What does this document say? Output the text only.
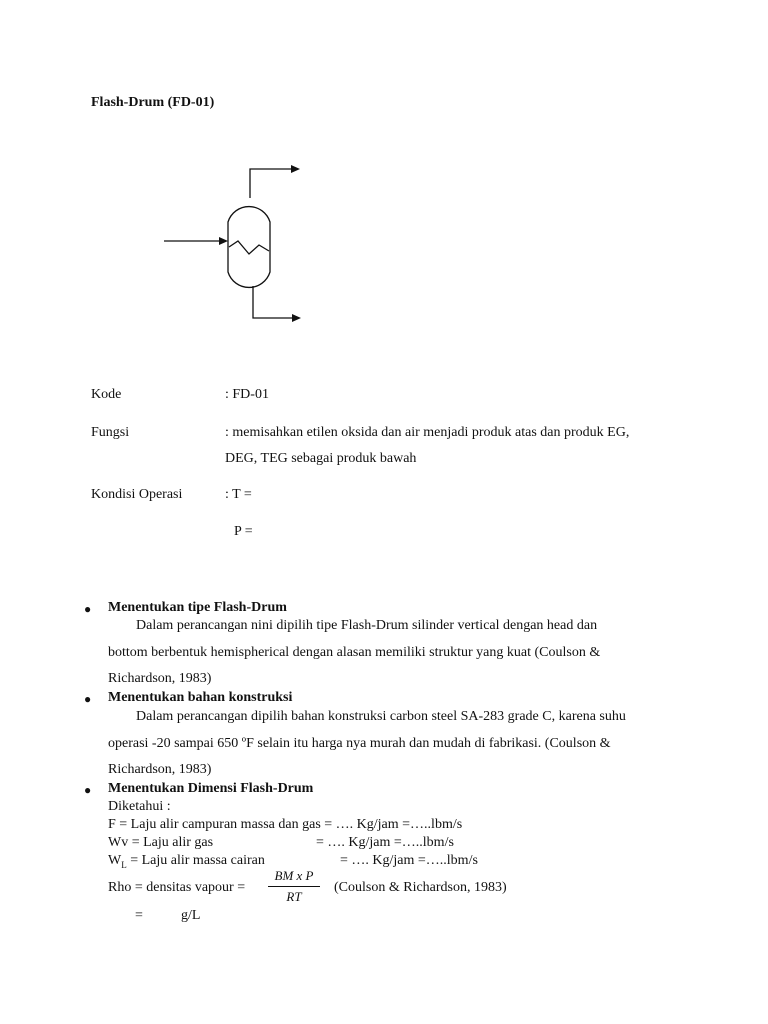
Flash-Drum (FD-01)
Kode	: FD-01
Fungsi	: memisahkan etilen oksida dan air menjadi produk atas dan produk EG,
DEG, TEG sebagai produk bawah
Kondisi Operasi	: T =
P =
● Menentukan tipe Flash-Drum
Dalam perancangan nini dipilih tipe Flash-Drum silinder vertical dengan head dan
bottom berbentuk hemispherical dengan alasan memiliki struktur yang kuat (Coulson &
Richardson, 1983)
● Menentukan bahan konstruksi
Dalam perancangan dipilih bahan konstruksi carbon steel SA-283 grade C, karena suhu
operasi -20 sampai 650 ºF selain itu harga nya murah dan mudah di fabrikasi. (Coulson &
Richardson, 1983)
● Menentukan Dimensi Flash-Drum
Diketahui :
F = Laju alir campuran massa dan gas = …. Kg/jam =…..lbm/s
Wv = Laju alir gas	= …. Kg/jam =…..lbm/s
$W_L$ = Laju alir massa cairan	= …. Kg/jam =…..lbm/s
Rho = densitas vapour =
BM x P
RT
(Coulson & Richardson, 1983)
=	g/L
